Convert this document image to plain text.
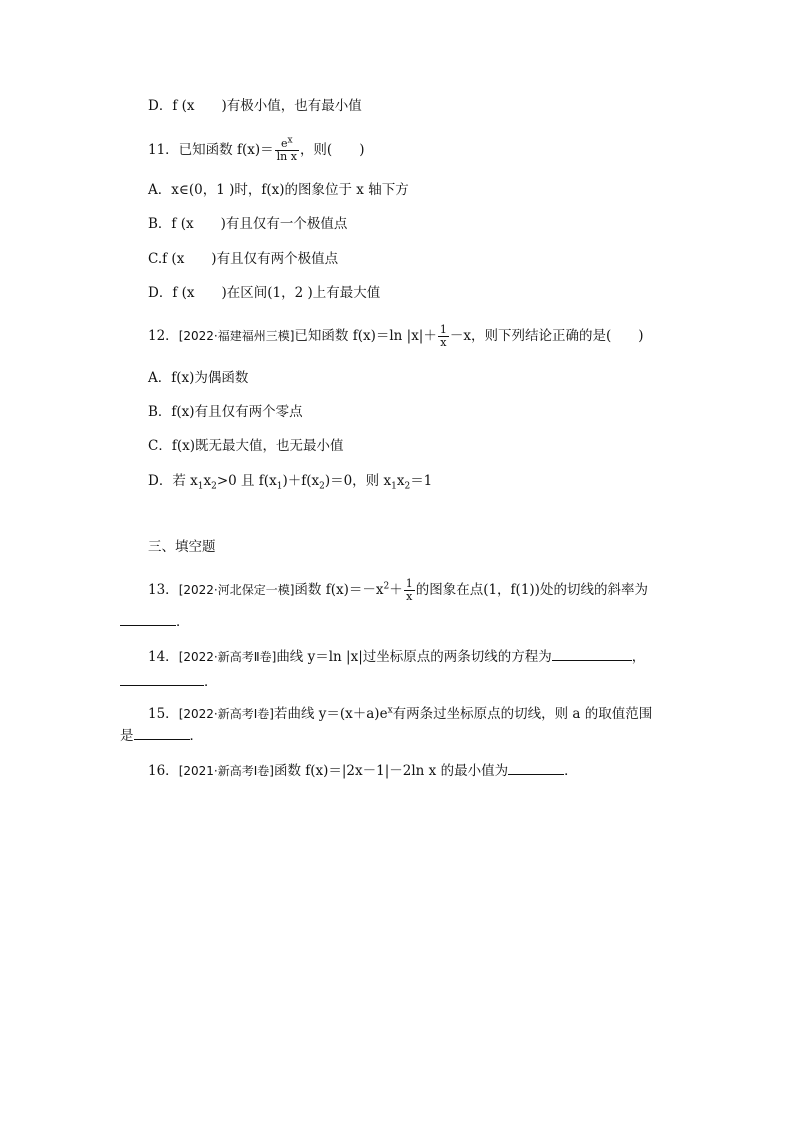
D．f (x　　)有极小值，也有最小值
11．已知函数 $f(x)= \frac{e^x}{\text{ln x}}$ ，则(　　)
A．x∈(0，1 )时，f(x)的图象位于 x 轴下方
B．f (x　　)有且仅有一个极值点
C.f (x　　)有且仅有两个极值点
D．f (x　　)在区间(1，2 )上有最大值
12．[2022·福建福州三模]已知函数 f(x)＝ln $|x|+ \frac{1}{x} -x$，则下列结论正确的是(　　)
A．f(x)为偶函数
B．f(x)有且仅有两个零点
C．f(x)既无最大值，也无最小值
D．若 $x_1x_2>0$ 且 $f(x_1)+f(x_2)=0$，则 $x_1x_2=1$
三、填空题
13．[2022·河北保定一模]函数 $f(x)=-x^2+ \frac{1}{x}$ 的图象在点(1，f(1))处的切线的斜率为
．
14．[2022·新高考Ⅱ卷]曲线 y＝ln |x|过坐标原点的两条切线的方程为	，
．
15．[2022·新高考Ⅰ卷]若曲线 $y=(x+a)e^x$有两条过坐标原点的切线，则 a 的取值范围
是	．
16．[2021·新高考Ⅰ卷]函数 f(x)＝|2x－1|－2ln x 的最小值为	．
